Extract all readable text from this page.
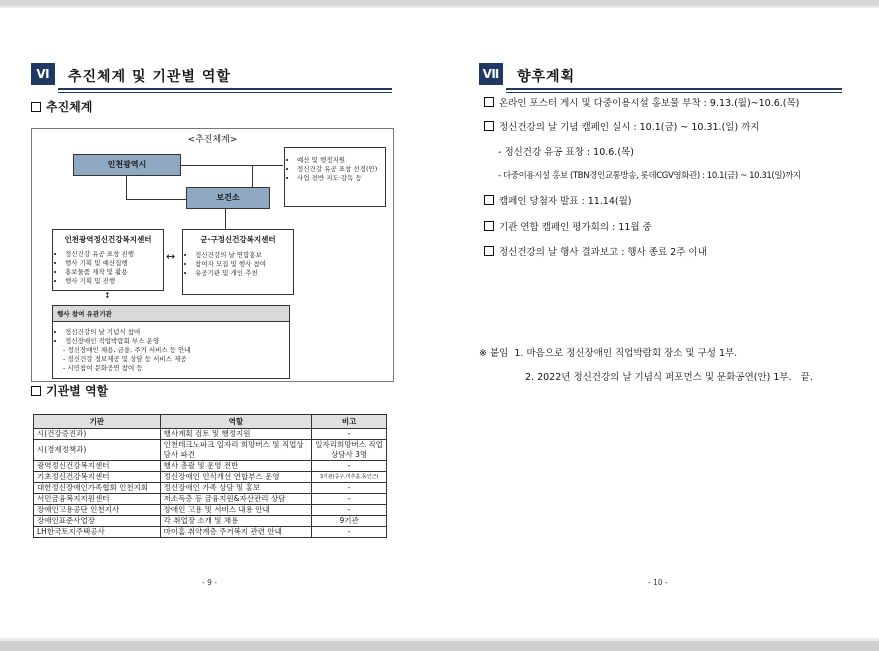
Ⅵ	추진체계 및 기관별 역할
추진체계
<추진체계>
인천광역시	• 예산 및 행정지원
• 정신건강 유공 표창 선정(안)
• 사업 전반 지도·감독 등
보건소
인천광역정신건강복지센터
• 정신건강 유공 표창 진행
• 행사 기획 및 예산집행
• 홍보물품 제작 및 활용
• 행사 기획 및 진행
↔
군·구정신건강복지센터
• 정신건강의 날 연합홍보
• 참여자 모집 및 행사 참여
• 유공기관 및 개인 추천
↕
행사 참여 유관기관
• 정신건강의 날 기념식 참여
• 정신장애인 직업박람회 부스 운영
- 정신장애인 채용, 금융, 주거 서비스 등 안내
- 정신건강 정보제공 및 상담 등 서비스 제공
- 시민참여 문화공연 참여 등
기관별 역할
기관	역할	비고
시(건강증진과)	행사계획 검토 및 행정지원	-
시(경제정책과)	인천테크노파크 일자리 희망버스 및 직업상담사 파견	일자리희망버스 직업상담사 3명
광역정신건강복지센터	행사 총괄 및 운영 전반	-
기초정신건강복지센터	정신장애인 인식개선 연합부스 운영	3기관(중구,미추홀,동인근)
대한정신장애인가족협회 인천지회	정신장애인 가족 상담 및 홍보	-
서민금융복지지원센터	저소득층 등 금융지원&자산관리 상담	-
장애인고용공단 인천지사	장애인 고용 및 서비스 내용 안내	-
장애인표준사업장	각 취업장 소개 및 채용	9기관
LH한국토지주택공사	마이홈 취약계층 주거복지 관련 안내	-
- 9 -
Ⅶ 향후계획
온라인 포스터 게시 및 다중이용시설 홍보물 부착 : 9.13.(월)~10.6.(목)
정신건강의 날 기념 캠페인 실시 : 10.1(금) ~ 10.31.(일) 까지
- 정신건강 유공 표창 : 10.6.(목)
- 다중이용시설 홍보 (TBN경인교통방송, 롯데CGV영화관) : 10.1(금) ~ 10.31(일)까지
캠페인 당첨자 발표 : 11.14(월)
기관 연합 캠페인 평가회의 : 11월 중
정신건강의 날 행사 결과보고 : 행사 종료 2주 이내
※ 붙임 1. 마음으로 정신장애인 직업박람회 장소 및 구성 1부.
2. 2022년 정신건강의 날 기념식 퍼포먼스 및 문화공연(안) 1부. 끝.
- 10 -
